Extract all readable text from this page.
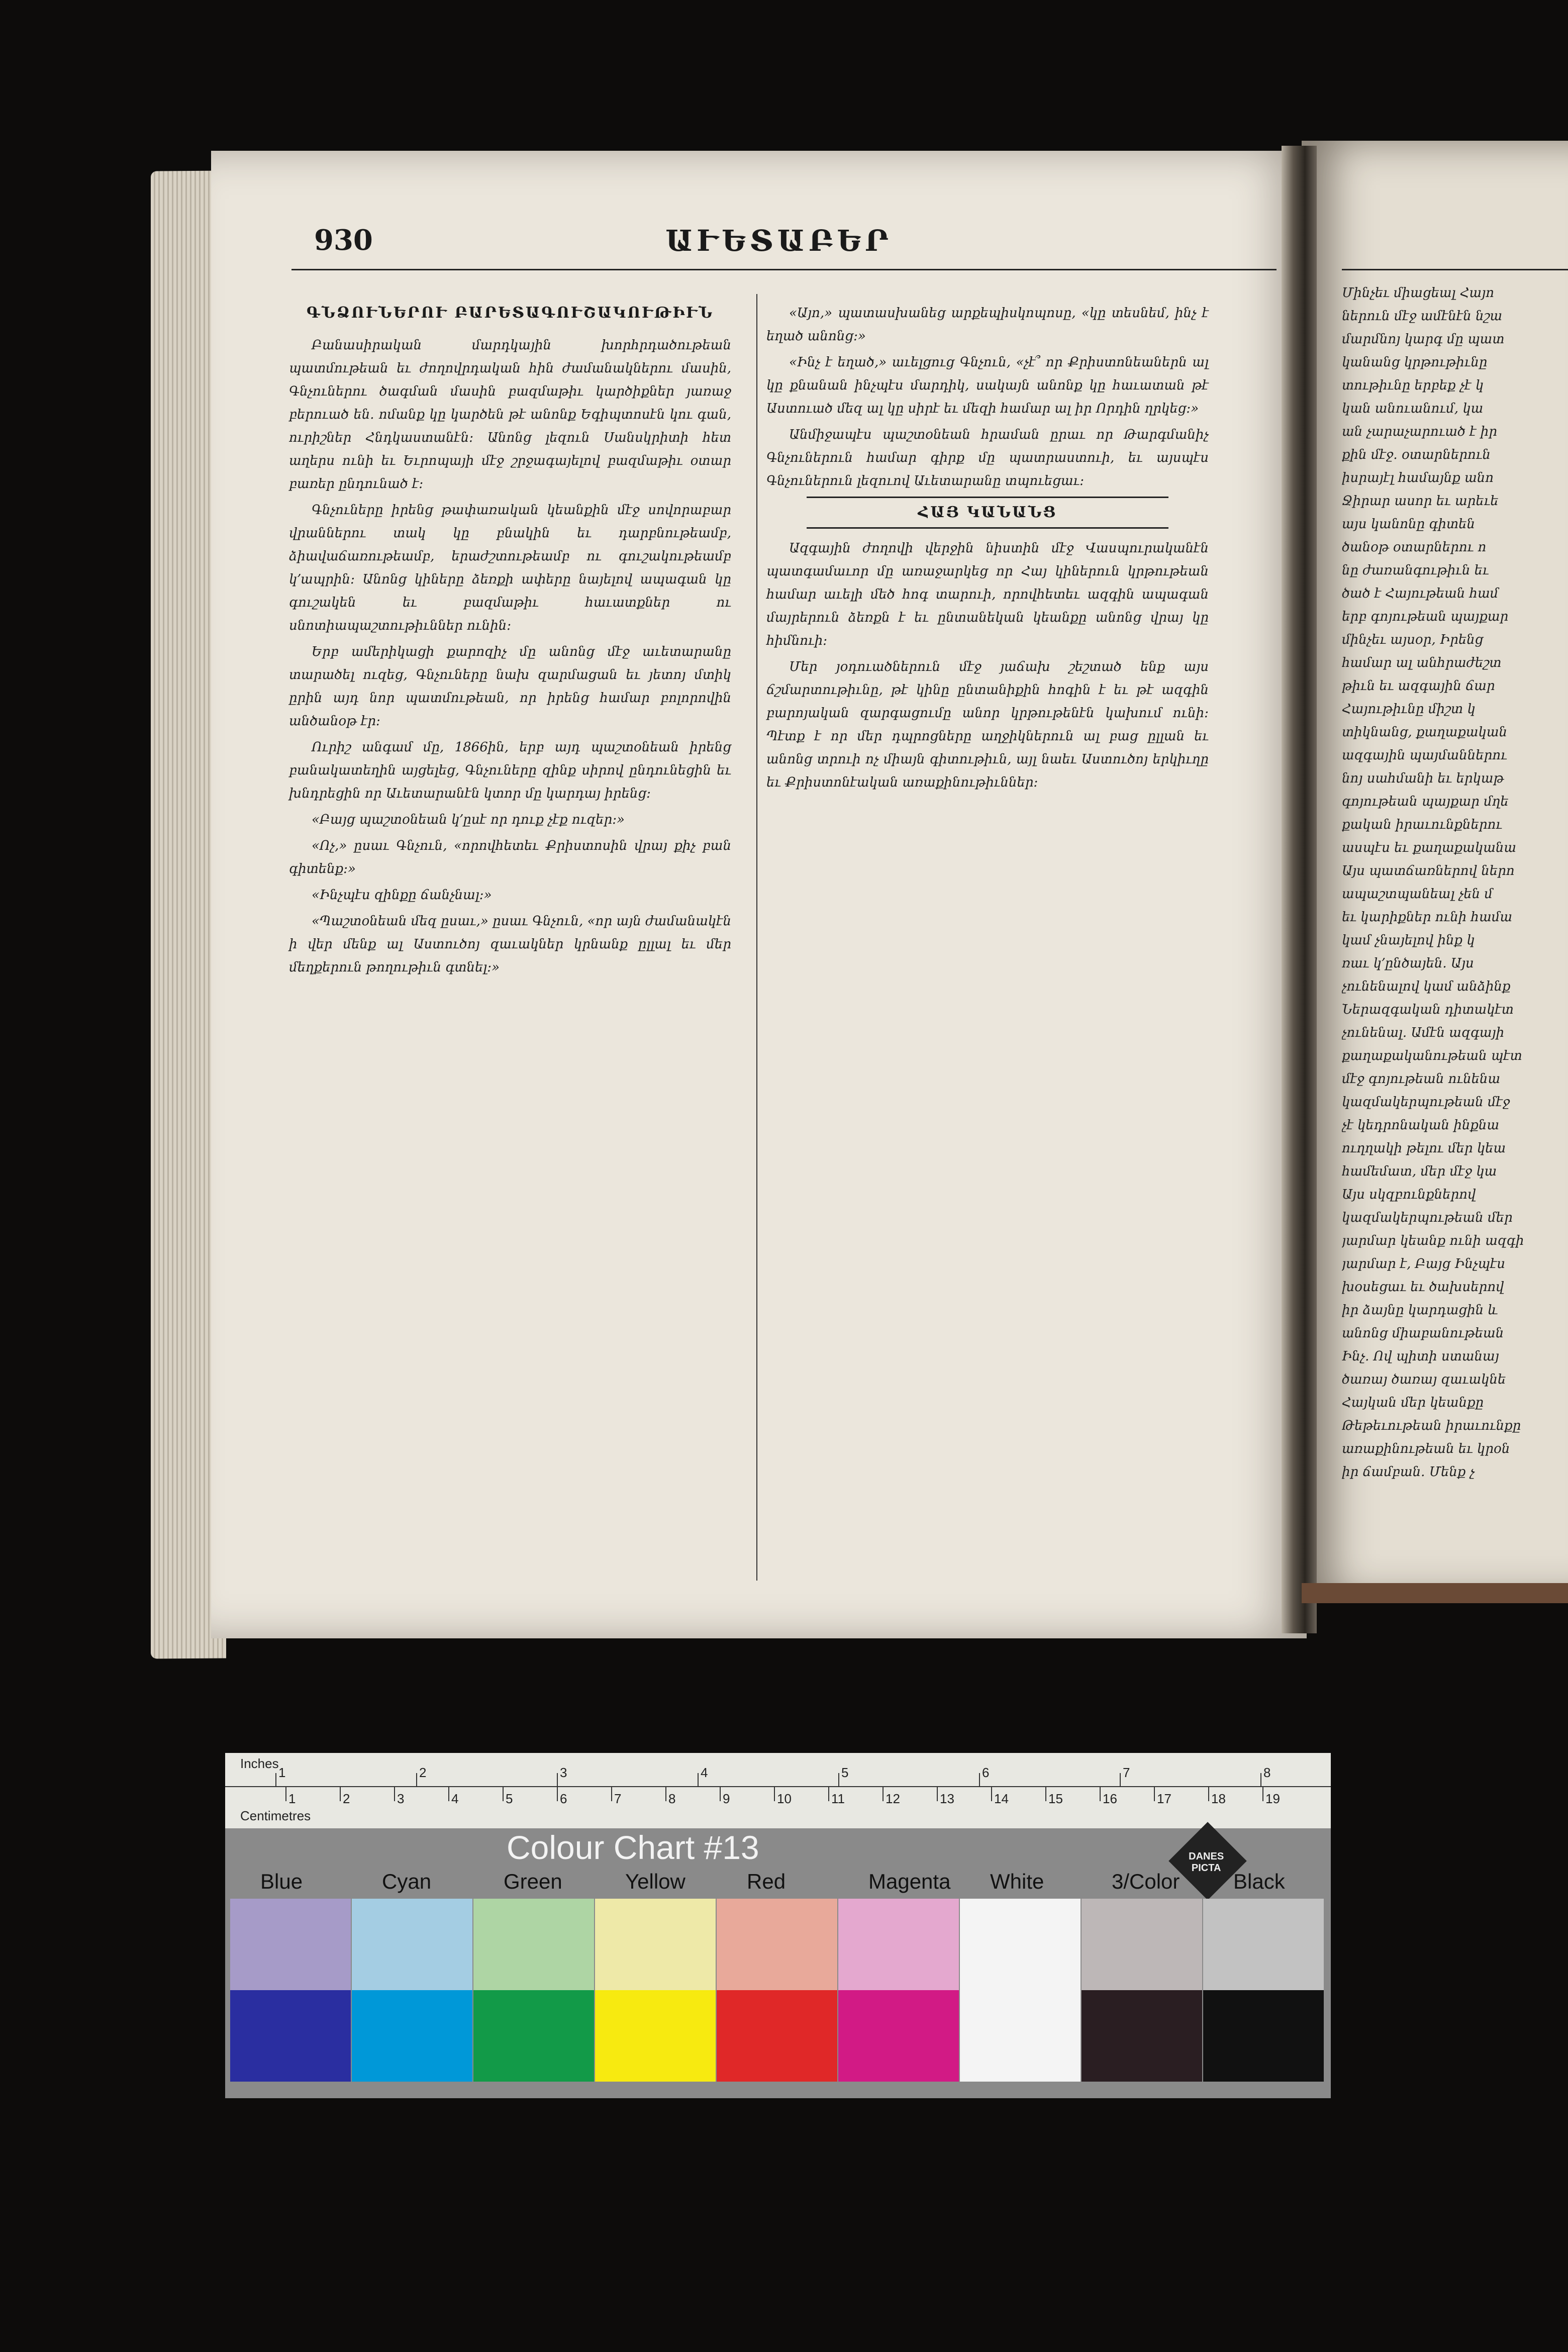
930	ԱՒԵՏԱԲԵՐ
ԳՆՁՈՒՆԵՐՈՒ ԲԱՐԵՏԱԳՈՒՇԱԿՈՒԹԻՒՆ

Բանասիրական մարդկային խորհրդածութեան պատմութեան եւ ժողովրդական հին ժամանակներու մասին, Գնչուներու ծագման մասին բազմաթիւ կարծիքներ յառաջ բերուած են. ոմանք կը կարծեն թէ անոնք Եգիպտոսէն կու գան, ուրիշներ Հնդկաստանէն։ Անոնց լեզուն Սանսկրիտի հետ աղերս ունի եւ Եւրոպայի մէջ շրջագայելով բազմաթիւ օտար բառեր ընդունած է։

Գնչուները իրենց թափառական կեանքին մէջ սովորաբար վրաններու տակ կը բնակին եւ դարբնութեամբ, ձիավաճառութեամբ, երաժշտութեամբ ու գուշակութեամբ կ՚ապրին։ Անոնց կիները ձեռքի ափերը նայելով ապագան կը գուշակեն եւ բազմաթիւ հաւատքներ ու սնոտիապաշտութիւններ ունին։

Երբ ամերիկացի քարոզիչ մը անոնց մէջ աւետարանը տարածել ուզեց, Գնչուները նախ զարմացան եւ յետոյ մտիկ ըրին այդ նոր պատմութեան, որ իրենց համար բոլորովին անծանօթ էր։

Ուրիշ անգամ մը, 1866ին, երբ այդ պաշտօնեան իրենց բանակատեղին այցելեց, Գնչուները զինք սիրով ընդունեցին եւ խնդրեցին որ Աւետարանէն կտոր մը կարդայ իրենց։

«Բայց պաշտօնեան կ՚ըսէ որ դուք չէք ուզեր։»

«Ոչ,» ըսաւ Գնչուն, «որովհետեւ Քրիստոսին վրայ քիչ բան գիտենք։»

«Ինչպէս զինքը ճանչնալ։»

«Պաշտօնեան մեզ ըսաւ,» ըսաւ Գնչուն, «որ այն ժամանակէն ի վեր մենք ալ Աստուծոյ զաւակներ կրնանք ըլլալ եւ մեր մեղքերուն թողութիւն գտնել։»

«Այո,» պատասխանեց արքեպիսկոպոսը, «կը տեսնեմ, ինչ է եղած անոնց։»

«Ինչ է եղած,» աւելցուց Գնչուն, «չէ՞ որ Քրիստոնեաներն ալ կը քնանան ինչպէս մարդիկ, սակայն անոնք կը հաւատան թէ Աստուած մեզ ալ կը սիրէ եւ մեզի համար ալ իր Որդին ղրկեց։»

Անմիջապէս պաշտօնեան հրաման ըրաւ որ Թարգմանիչ Գնչուներուն համար գիրք մը պատրաստուի, եւ այսպէս Գնչուներուն լեզուով Աւետարանը տպուեցաւ։

ՀԱՅ ԿԱՆԱՆՑ

Ազգային ժողովի վերջին նիստին մէջ Վասպուրականէն պատգամաւոր մը առաջարկեց որ Հայ կիներուն կրթութեան համար աւելի մեծ հոգ տարուի, որովհետեւ ազգին ապագան մայրերուն ձեռքն է եւ ընտանեկան կեանքը անոնց վրայ կը հիմնուի։

Մեր յօդուածներուն մէջ յաճախ շեշտած ենք այս ճշմարտութիւնը, թէ կինը ընտանիքին հոգին է եւ թէ ազգին բարոյական զարգացումը անոր կրթութենէն կախում ունի։ Պէտք է որ մեր դպրոցները աղջիկներուն ալ բաց ըլլան եւ անոնց տրուի ոչ միայն գիտութիւն, այլ նաեւ Աստուծոյ երկիւղը եւ Քրիստոնէական առաքինութիւններ։

Մինչեւ միացեալ Հայո
ներուն մէջ ամէնէն նշա
մարմնոյ կարգ մը պատ
կանանց կրթութիւնը
տութիւնը երբեք չէ կ
կան անուանում, կա
ան չարաչարուած է իր
քին մէջ. օտարներուն
իսրայէլ համայնք անո
Ջիրար ասոր եւ արեւե
այս կանոնը գիտեն
ծանօթ օտարներու ո
նը ժառանգութիւն եւ
ծած է Հայութեան համ
երբ գոյութեան պայքար
մինչեւ այսօր, Իրենց
համար ալ անհրաժեշտ
թիւն եւ ազգային ճար
Հայութիւնը միշտ կ
տիկնանց, քաղաքական
ազգային պայմաններու
նոյ սահմանի եւ երկաթ
գոյութեան պայքար մղե
քական իրաւունքներու
ասպէս եւ քաղաքականա
Այս պատճառներով ներո
ապաշտպանեալ չեն մ
եւ կարիքներ ունի համա
կամ չնայելով ինք կ
ռաւ կ՚ընծայեն. Այս
չունենալով կամ անձինք
Ներազգական դիտակէտ
չունենալ. Ամէն ազգայի
քաղաքականութեան պէտ
մէջ գոյութեան ունենա
կազմակերպութեան մէջ
չէ կեդրոնական ինքնա
ուղղակի թելու մեր կեա
համեմատ, մեր մէջ կա
Այս սկզբունքներով
կազմակերպութեան մեր
յարմար կեանք ունի ազգի
յարմար է, Բայց Ինչպէս
խօսեցաւ եւ ծախսերով
իր ձայնը կարդացին և
անոնց միաբանութեան
Ինչ. Ով պիտի ստանայ
ծառայ ծառայ զաւակնե
Հայկան մեր կեանքը
Թեթեւութեան իրաւունքը
առաքինութեան եւ կրօն
իր ճամբան. Մենք չ
Inches
Centimetres
1	2	3	4	5	6	7	8
1	2	3	4	5	6	7	8	9	10	11	12	13	14	15	16	17	18	19
Colour Chart #13	DANES PICTA
Blue	Cyan	Green	Yellow	Red	Magenta White	3/Color	Black
